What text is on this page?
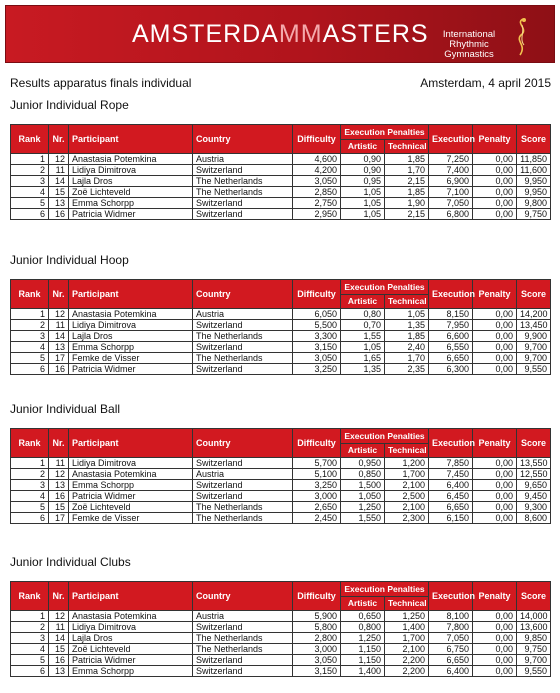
AMSTERDAMMASTERS	International
Rhythmic
Gymnastics
Results apparatus finals individual	Amsterdam, 4 april 2015
Junior Individual Rope
Rank	Nr.	Participant	Country	Difficulty	Execution Penalties		Execution	Penalty	Score
					Artistic	Technical			
1	12	Anastasia Potemkina	Austria	4,600	0,90	1,85	7,250	0,00	11,850
2	11	Lidiya Dimitrova	Switzerland	4,200	0,90	1,70	7,400	0,00	11,600
3	14	Lajla Dros	The Netherlands	3,050	0,95	2,15	6,900	0,00	9,950
4	15	Zoë Lichteveld	The Netherlands	2,850	1,05	1,85	7,100	0,00	9,950
5	13	Emma Schorpp	Switzerland	2,750	1,05	1,90	7,050	0,00	9,800
6	16	Patricia Widmer	Switzerland	2,950	1,05	2,15	6,800	0,00	9,750
Junior Individual Hoop
Rank	Nr.	Participant	Country	Difficulty	Execution Penalties		Execution	Penalty	Score
					Artistic	Technical			
1	12	Anastasia Potemkina	Austria	6,050	0,80	1,05	8,150	0,00	14,200
2	11	Lidiya Dimitrova	Switzerland	5,500	0,70	1,35	7,950	0,00	13,450
3	14	Lajla Dros	The Netherlands	3,300	1,55	1,85	6,600	0,00	9,900
4	13	Emma Schorpp	Switzerland	3,150	1,05	2,40	6,550	0,00	9,700
5	17	Femke de Visser	The Netherlands	3,050	1,65	1,70	6,650	0,00	9,700
6	16	Patricia Widmer	Switzerland	3,250	1,35	2,35	6,300	0,00	9,550
Junior Individual Ball
Rank	Nr.	Participant	Country	Difficulty	Execution Penalties		Execution	Penalty	Score
					Artistic	Technical			
1	11	Lidiya Dimitrova	Switzerland	5,700	0,950	1,200	7,850	0,00	13,550
2	12	Anastasia Potemkina	Austria	5,100	0,850	1,700	7,450	0,00	12,550
3	13	Emma Schorpp	Switzerland	3,250	1,500	2,100	6,400	0,00	9,650
4	16	Patricia Widmer	Switzerland	3,000	1,050	2,500	6,450	0,00	9,450
5	15	Zoë Lichteveld	The Netherlands	2,650	1,250	2,100	6,650	0,00	9,300
6	17	Femke de Visser	The Netherlands	2,450	1,550	2,300	6,150	0,00	8,600
Junior Individual Clubs
Rank	Nr.	Participant	Country	Difficulty	Execution Penalties		Execution	Penalty	Score
					Artistic	Technical			
1	12	Anastasia Potemkina	Austria	5,900	0,650	1,250	8,100	0,00	14,000
2	11	Lidiya Dimitrova	Switzerland	5,800	0,800	1,400	7,800	0,00	13,600
3	14	Lajla Dros	The Netherlands	2,800	1,250	1,700	7,050	0,00	9,850
4	15	Zoë Lichteveld	The Netherlands	3,000	1,150	2,100	6,750	0,00	9,750
5	16	Patricia Widmer	Switzerland	3,050	1,150	2,200	6,650	0,00	9,700
6	13	Emma Schorpp	Switzerland	3,150	1,400	2,200	6,400	0,00	9,550
